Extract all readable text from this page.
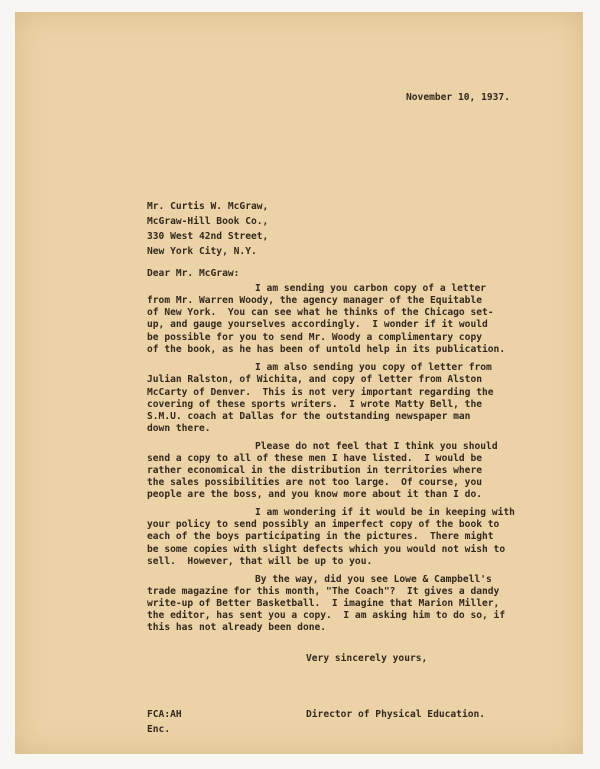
November 10, 1937.
Mr. Curtis W. McGraw,
McGraw-Hill Book Co.,
330 West 42nd Street,
New York City, N.Y.
Dear Mr. McGraw:
I am sending you carbon copy of a letter
from Mr. Warren Woody, the agency manager of the Equitable
of New York.  You can see what he thinks of the Chicago set-
up, and gauge yourselves accordingly.  I wonder if it would
be possible for you to send Mr. Woody a complimentary copy
of the book, as he has been of untold help in its publication.
I am also sending you copy of letter from
Julian Ralston, of Wichita, and copy of letter from Alston
McCarty of Denver.  This is not very important regarding the
covering of these sports writers.  I wrote Matty Bell, the
S.M.U. coach at Dallas for the outstanding newspaper man
down there.
Please do not feel that I think you should
send a copy to all of these men I have listed.  I would be
rather economical in the distribution in territories where
the sales possibilities are not too large.  Of course, you
people are the boss, and you know more about it than I do.
I am wondering if it would be in keeping with
your policy to send possibly an imperfect copy of the book to
each of the boys participating in the pictures.  There might
be some copies with slight defects which you would not wish to
sell.  However, that will be up to you.
By the way, did you see Lowe & Campbell's
trade magazine for this month, "The Coach"?  It gives a dandy
write-up of Better Basketball.  I imagine that Marion Miller,
the editor, has sent you a copy.  I am asking him to do so, if
this has not already been done.
Very sincerely yours,
FCA:AH	Director of Physical Education.
Enc.
